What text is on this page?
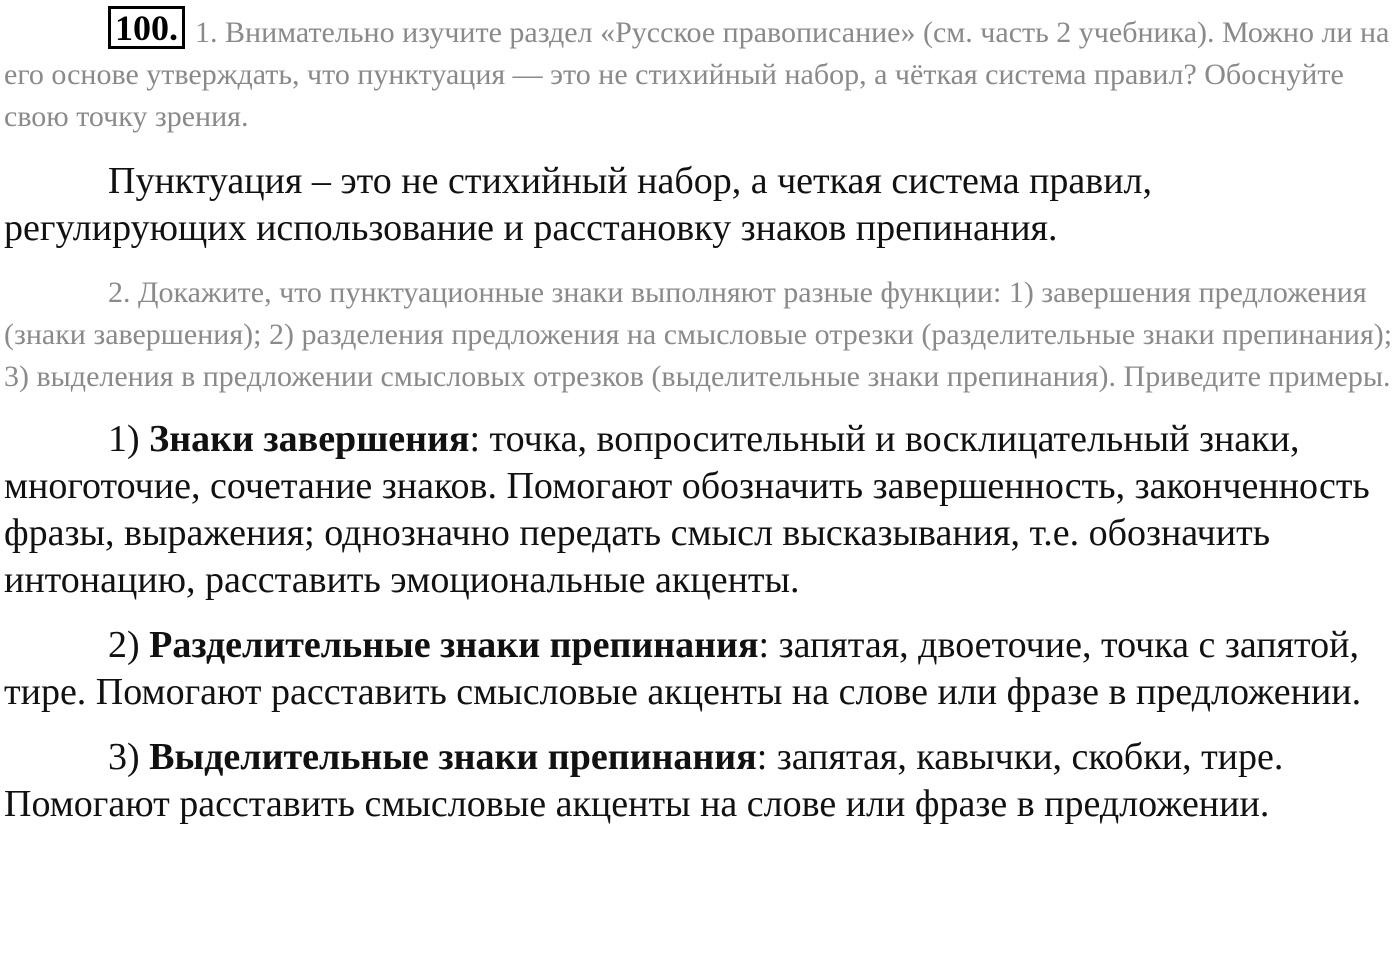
100. 1. Внимательно изучите раздел «Русское правописание» (см. часть 2 учебника). Можно ли на его основе утверждать, что пунктуация — это не стихийный набор, а чёткая система правил? Обоснуйте свою точку зрения.

Пунктуация – это не стихийный набор, а четкая система правил, регулирующих использование и расстановку знаков препинания.

2. Докажите, что пунктуационные знаки выполняют разные функции: 1) завершения предложения (знаки завершения); 2) разделения предложения на смысловые отрезки (разделительные знаки препинания); 3) выделения в предложении смысловых отрезков (выделительные знаки препинания). Приведите примеры.

1) Знаки завершения: точка, вопросительный и восклицательный знаки, многоточие, сочетание знаков. Помогают обозначить завершенность, законченность фразы, выражения; однозначно передать смысл высказывания, т.е. обозначить интонацию, расставить эмоциональные акценты.

2) Разделительные знаки препинания: запятая, двоеточие, точка с запятой, тире. Помогают расставить смысловые акценты на слове или фразе в предложении.

3) Выделительные знаки препинания: запятая, кавычки, скобки, тире. Помогают расставить смысловые акценты на слове или фразе в предложении.
